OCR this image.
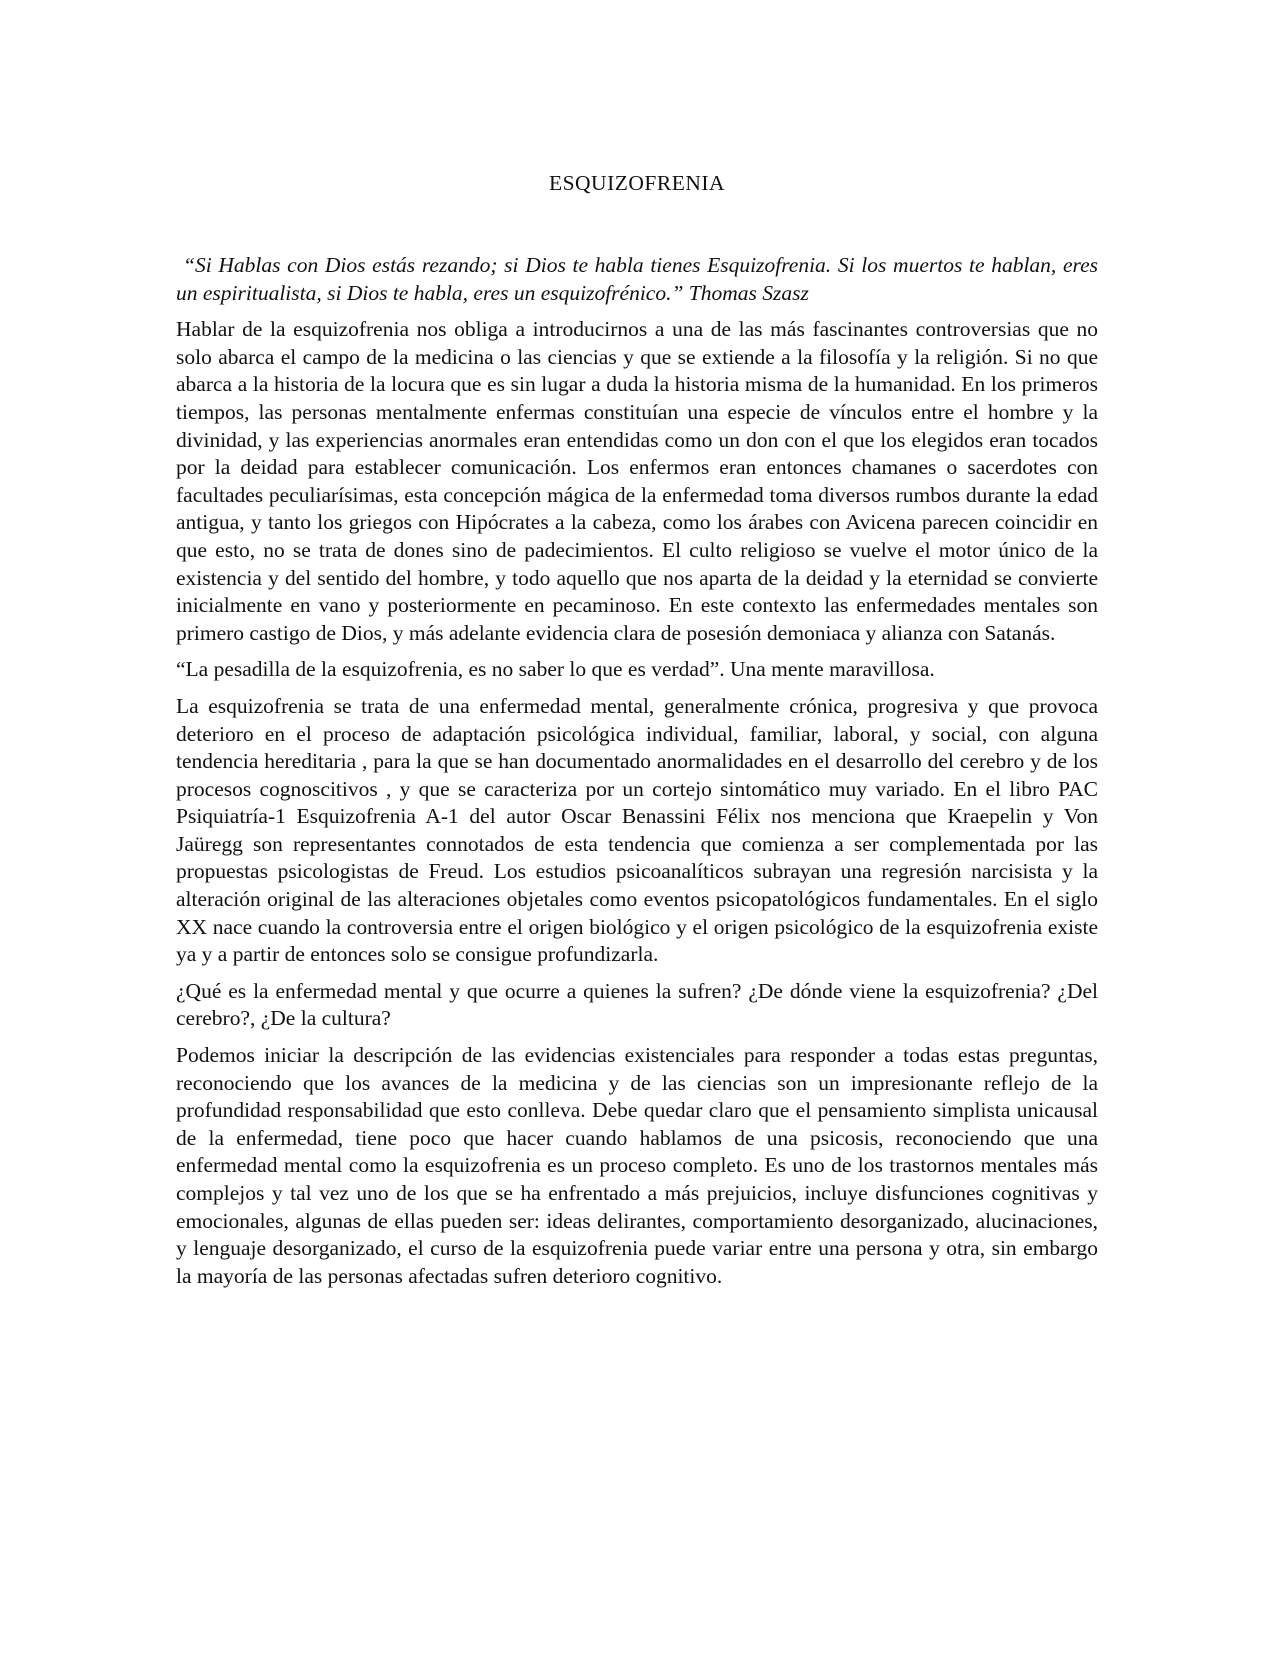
ESQUIZOFRENIA

“Si Hablas con Dios estás rezando; si Dios te habla tienes Esquizofrenia. Si los muertos te hablan, eres un espiritualista, si Dios te habla, eres un esquizofrénico.” Thomas Szasz

Hablar de la esquizofrenia nos obliga a introducirnos a una de las más fascinantes controversias que no solo abarca el campo de la medicina o las ciencias y que se extiende a la filosofía y la religión. Si no que abarca a la historia de la locura que es sin lugar a duda la historia misma de la humanidad. En los primeros tiempos, las personas mentalmente enfermas constituían una especie de vínculos entre el hombre y la divinidad, y las experiencias anormales eran entendidas como un don con el que los elegidos eran tocados por la deidad para establecer comunicación. Los enfermos eran entonces chamanes o sacerdotes con facultades peculiarísimas, esta concepción mágica de la enfermedad toma diversos rumbos durante la edad antigua, y tanto los griegos con Hipócrates a la cabeza, como los árabes con Avicena parecen coincidir en que esto, no se trata de dones sino de padecimientos. El culto religioso se vuelve el motor único de la existencia y del sentido del hombre, y todo aquello que nos aparta de la deidad y la eternidad se convierte inicialmente en vano y posteriormente en pecaminoso. En este contexto las enfermedades mentales son primero castigo de Dios, y más adelante evidencia clara de posesión demoniaca y alianza con Satanás.

“La pesadilla de la esquizofrenia, es no saber lo que es verdad”. Una mente maravillosa.

La esquizofrenia se trata de una enfermedad mental, generalmente crónica, progresiva y que provoca deterioro en el proceso de adaptación psicológica individual, familiar, laboral, y social, con alguna tendencia hereditaria , para la que se han documentado anormalidades en el desarrollo del cerebro y de los procesos cognoscitivos , y que se caracteriza por un cortejo sintomático muy variado. En el libro PAC Psiquiatría-1 Esquizofrenia A-1 del autor Oscar Benassini Félix nos menciona que Kraepelin y Von Jaüregg son representantes connotados de esta tendencia que comienza a ser complementada por las propuestas psicologistas de Freud. Los estudios psicoanalíticos subrayan una regresión narcisista y la alteración original de las alteraciones objetales como eventos psicopatológicos fundamentales. En el siglo XX nace cuando la controversia entre el origen biológico y el origen psicológico de la esquizofrenia existe ya y a partir de entonces solo se consigue profundizarla.

¿Qué es la enfermedad mental y que ocurre a quienes la sufren? ¿De dónde viene la esquizofrenia? ¿Del cerebro?, ¿De la cultura?

Podemos iniciar la descripción de las evidencias existenciales para responder a todas estas preguntas, reconociendo que los avances de la medicina y de las ciencias son un impresionante reflejo de la profundidad responsabilidad que esto conlleva. Debe quedar claro que el pensamiento simplista unicausal de la enfermedad, tiene poco que hacer cuando hablamos de una psicosis, reconociendo que una enfermedad mental como la esquizofrenia es un proceso completo. Es uno de los trastornos mentales más complejos y tal vez uno de los que se ha enfrentado a más prejuicios, incluye disfunciones cognitivas y emocionales, algunas de ellas pueden ser: ideas delirantes, comportamiento desorganizado, alucinaciones, y lenguaje desorganizado, el curso de la esquizofrenia puede variar entre una persona y otra, sin embargo la mayoría de las personas afectadas sufren deterioro cognitivo.
